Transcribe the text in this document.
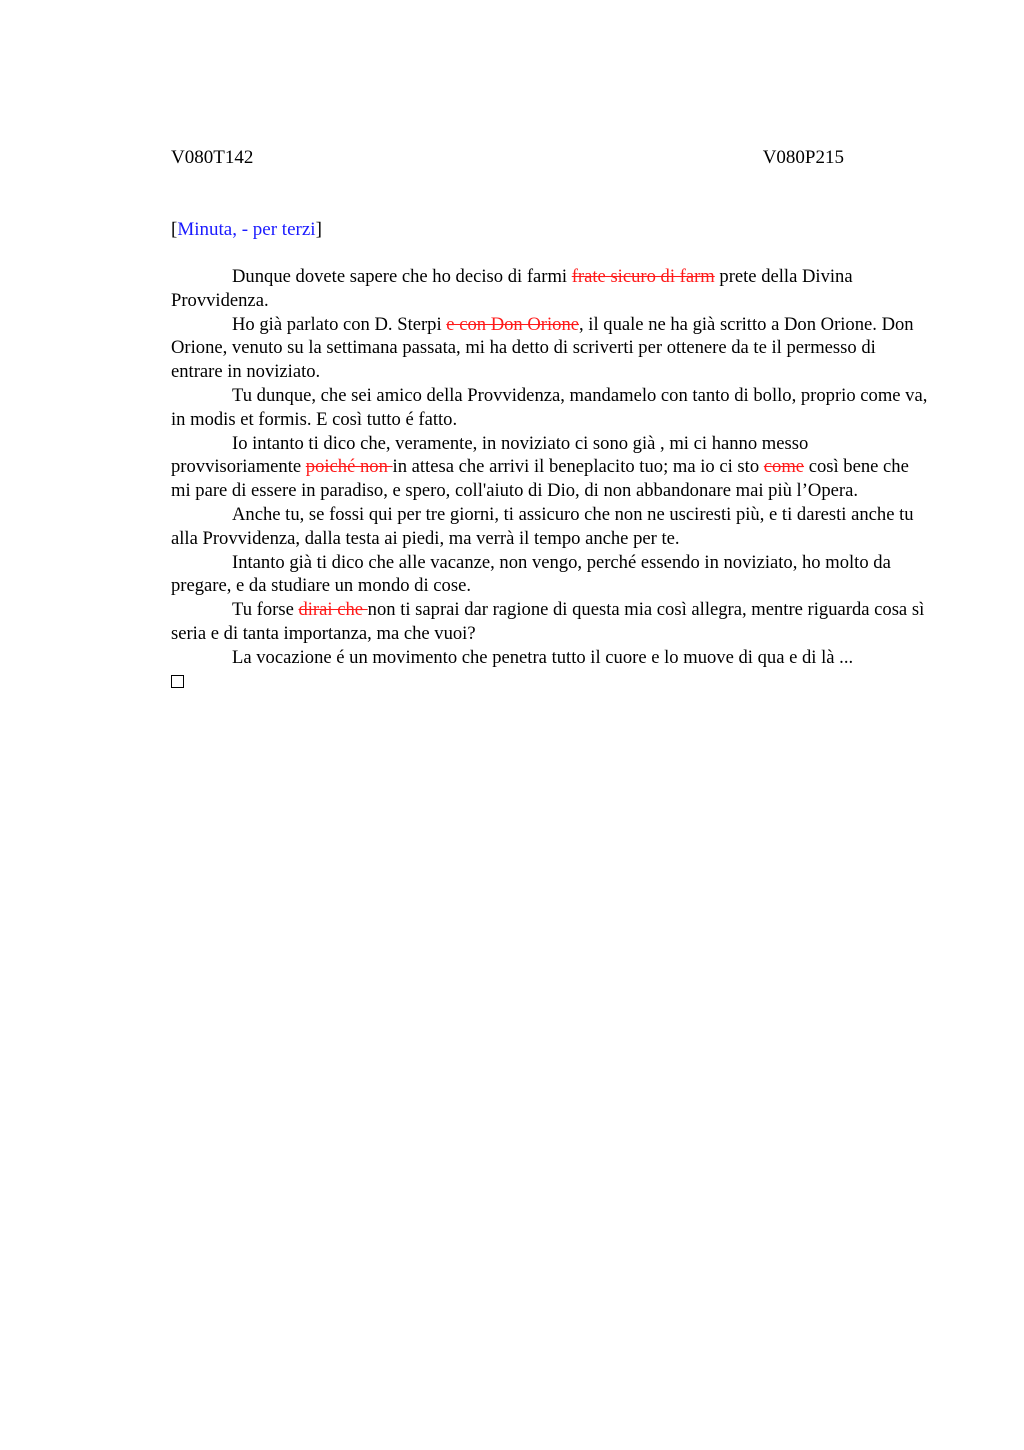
V080T142	V080P215
[Minuta, - per terzi]

Dunque dovete sapere che ho deciso di farmi frate sicuro di farm prete della Divina Provvidenza.

Ho già parlato con D. Sterpi e con Don Orione, il quale ne ha già scritto a Don Orione. Don Orione, venuto su la settimana passata, mi ha detto di scriverti per ottenere da te il permesso di entrare in noviziato.

Tu dunque, che sei amico della Provvidenza, mandamelo con tanto di bollo, proprio come va, in modis et formis. E così tutto é fatto.

Io intanto ti dico che, veramente, in noviziato ci sono già , mi ci hanno messo provvisoriamente poiché non in attesa che arrivi il beneplacito tuo; ma io ci sto come così bene che mi pare di essere in paradiso, e spero, coll'aiuto di Dio, di non abbandonare mai più l’Opera.

Anche tu, se fossi qui per tre giorni, ti assicuro che non ne usciresti più, e ti daresti anche tu alla Provvidenza, dalla testa ai piedi, ma verrà il tempo anche per te.

Intanto già ti dico che alle vacanze, non vengo, perché essendo in noviziato, ho molto da pregare, e da studiare un mondo di cose.

Tu forse dirai che non ti saprai dar ragione di questa mia così allegra, mentre riguarda cosa sì seria e di tanta importanza, ma che vuoi?

La vocazione é un movimento che penetra tutto il cuore e lo muove di qua e di là ...
